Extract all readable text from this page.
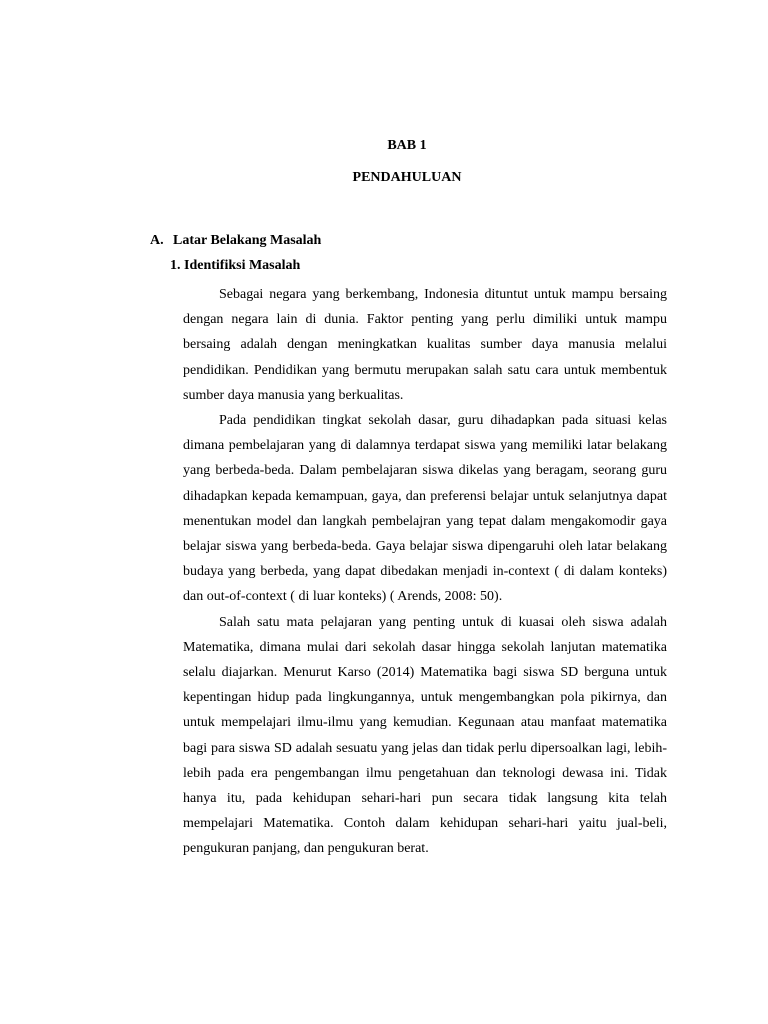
BAB 1
PENDAHULUAN
A. Latar Belakang Masalah
1. Identifiksi Masalah

Sebagai negara yang berkembang, Indonesia dituntut untuk mampu bersaing dengan negara lain di dunia. Faktor penting yang perlu dimiliki untuk mampu bersaing adalah dengan meningkatkan kualitas sumber daya manusia melalui pendidikan. Pendidikan yang bermutu merupakan salah satu cara untuk membentuk sumber daya manusia yang berkualitas.

Pada pendidikan tingkat sekolah dasar, guru dihadapkan pada situasi kelas dimana pembelajaran yang di dalamnya terdapat siswa yang memiliki latar belakang yang berbeda-beda. Dalam pembelajaran siswa dikelas yang beragam, seorang guru dihadapkan kepada kemampuan, gaya, dan preferensi belajar untuk selanjutnya dapat menentukan model dan langkah pembelajran yang tepat dalam mengakomodir gaya belajar siswa yang berbeda-beda. Gaya belajar siswa dipengaruhi oleh latar belakang budaya yang berbeda, yang dapat dibedakan menjadi in-context ( di dalam konteks) dan out-of-context ( di luar konteks) ( Arends, 2008: 50).

Salah satu mata pelajaran yang penting untuk di kuasai oleh siswa adalah Matematika, dimana mulai dari sekolah dasar hingga sekolah lanjutan matematika selalu diajarkan. Menurut Karso (2014) Matematika bagi siswa SD berguna untuk kepentingan hidup pada lingkungannya, untuk mengembangkan pola pikirnya, dan untuk mempelajari ilmu-ilmu yang kemudian. Kegunaan atau manfaat matematika bagi para siswa SD adalah sesuatu yang jelas dan tidak perlu dipersoalkan lagi, lebih-lebih pada era pengembangan ilmu pengetahuan dan teknologi dewasa ini. Tidak hanya itu, pada kehidupan sehari-hari pun secara tidak langsung kita telah mempelajari Matematika. Contoh dalam kehidupan sehari-hari yaitu jual-beli, pengukuran panjang, dan pengukuran berat.
